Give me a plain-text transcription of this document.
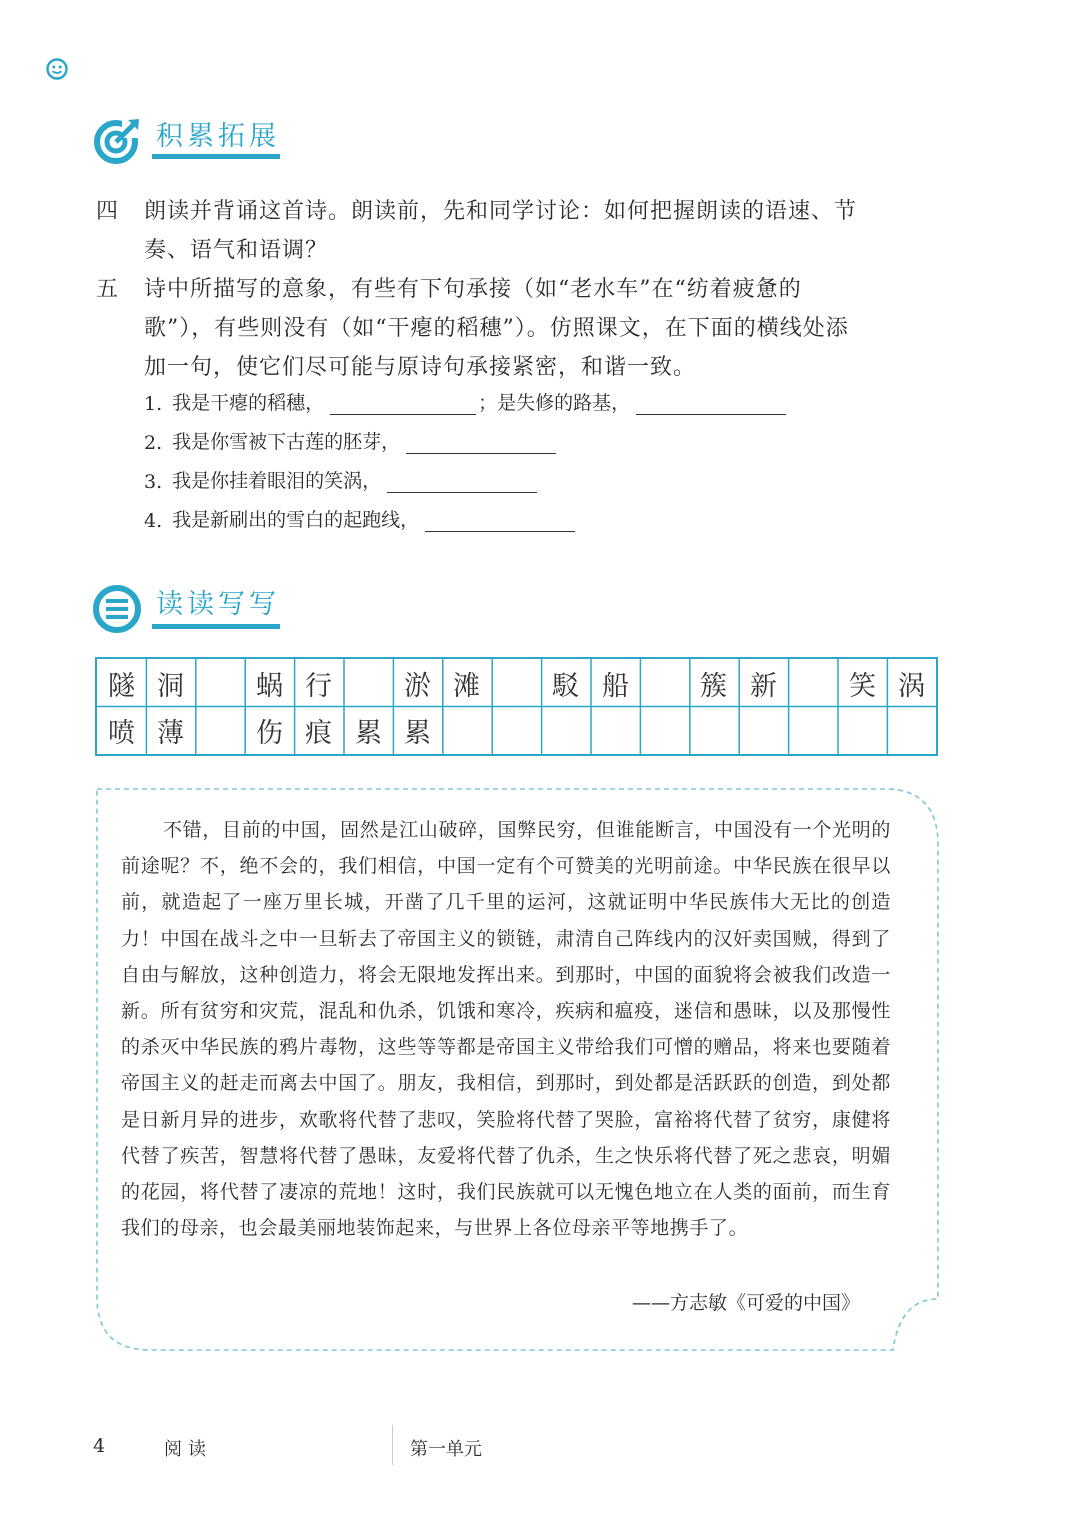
积累拓展
四 朗读并背诵这首诗。朗读前，先和同学讨论：如何把握朗读的语速、节
奏、语气和语调？
五 诗中所描写的意象，有些有下句承接（如“老水车”在“纺着疲惫的
歌”），有些则没有（如“干瘪的稻穗”）。仿照课文，在下面的横线处添
加一句，使它们尽可能与原诗句承接紧密，和谐一致。
1. 我是干瘪的稻穗，	；是失修的路基，
2. 我是你雪被下古莲的胚芽，
3. 我是你挂着眼泪的笑涡，
4. 我是新刷出的雪白的起跑线，
读读写写
隧 洞	蜗 行	淤 滩	駁 船	簇 新	笑 涡
喷 薄	伤 痕 累 累

不错，目前的中国，固然是江山破碎，国弊民穷，但谁能断言，中国没有一个光明的前途呢？不，绝不会的，我们相信，中国一定有个可赞美的光明前途。中华民族在很早以前，就造起了一座万里长城，开凿了几千里的运河，这就证明中华民族伟大无比的创造力！中国在战斗之中一旦斩去了帝国主义的锁链，肃清自己阵线内的汉奸卖国贼，得到了自由与解放，这种创造力，将会无限地发挥出来。到那时，中国的面貌将会被我们改造一新。所有贫穷和灾荒，混乱和仇杀，饥饿和寒冷，疾病和瘟疫，迷信和愚昧，以及那慢性的杀灭中华民族的鸦片毒物，这些等等都是帝国主义带给我们可憎的赠品，将来也要随着帝国主义的赶走而离去中国了。朋友，我相信，到那时，到处都是活跃跃的创造，到处都是日新月异的进步，欢歌将代替了悲叹，笑脸将代替了哭脸，富裕将代替了贫穷，康健将代替了疾苦，智慧将代替了愚昧，友爱将代替了仇杀，生之快乐将代替了死之悲哀，明媚的花园，将代替了凄凉的荒地！这时，我们民族就可以无愧色地立在人类的面前，而生育我们的母亲，也会最美丽地装饰起来，与世界上各位母亲平等地携手了。

——方志敏《可爱的中国》
4	阅读	第一单元
